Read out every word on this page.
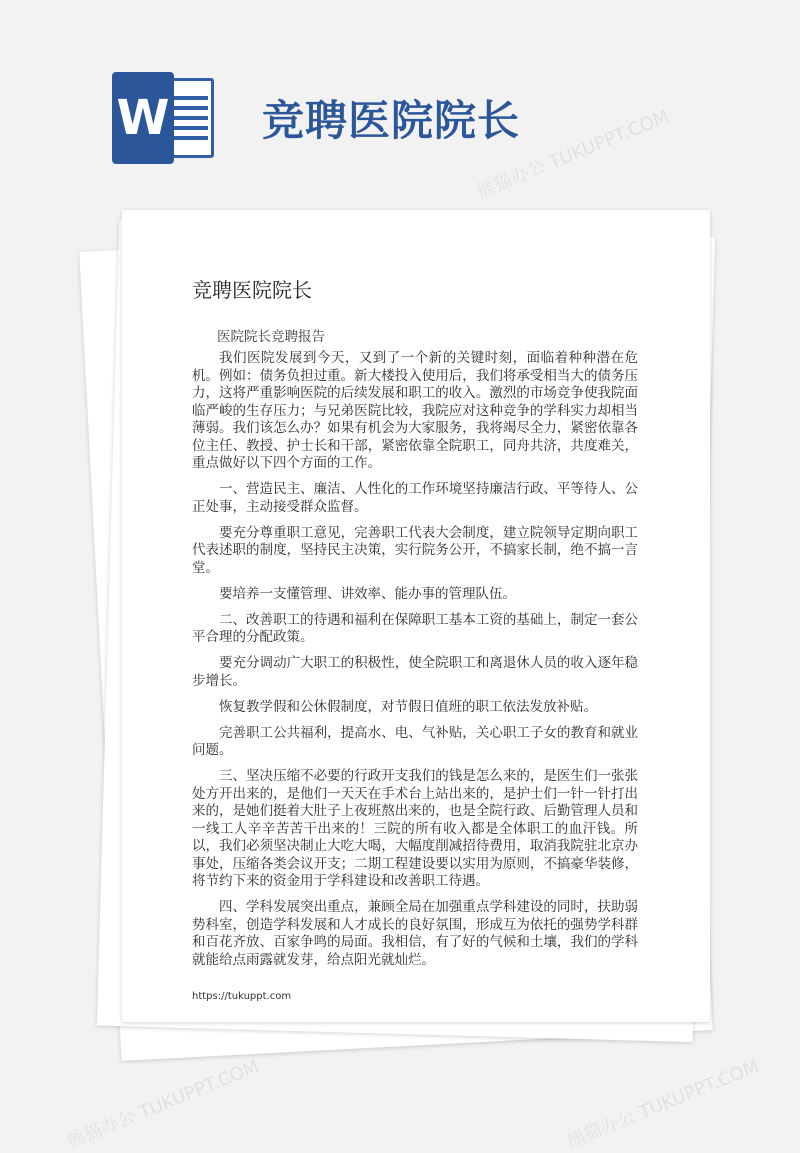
W 竞聘医院院长
竞聘医院院长

医院院长竞聘报告

我们医院发展到今天，又到了一个新的关键时刻，面临着种种潜在危机。例如：债务负担过重。新大楼投入使用后，我们将承受相当大的债务压力，这将严重影响医院的后续发展和职工的收入。激烈的市场竞争使我院面临严峻的生存压力；与兄弟医院比较，我院应对这种竞争的学科实力却相当薄弱。我们该怎么办？如果有机会为大家服务，我将竭尽全力，紧密依靠各位主任、教授、护士长和干部，紧密依靠全院职工，同舟共济，共度难关，重点做好以下四个方面的工作。

一、营造民主、廉洁、人性化的工作环境坚持廉洁行政、平等待人、公正处事，主动接受群众监督。

要充分尊重职工意见，完善职工代表大会制度，建立院领导定期向职工代表述职的制度，坚持民主决策，实行院务公开，不搞家长制，绝不搞一言堂。

要培养一支懂管理、讲效率、能办事的管理队伍。

二、改善职工的待遇和福利在保障职工基本工资的基础上，制定一套公平合理的分配政策。

要充分调动广大职工的积极性，使全院职工和离退休人员的收入逐年稳步增长。

恢复教学假和公休假制度，对节假日值班的职工依法发放补贴。

完善职工公共福利，提高水、电、气补贴，关心职工子女的教育和就业问题。

三、坚决压缩不必要的行政开支我们的钱是怎么来的，是医生们一张张处方开出来的，是他们一天天在手术台上站出来的，是护士们一针一针打出来的，是她们挺着大肚子上夜班熬出来的，也是全院行政、后勤管理人员和一线工人辛辛苦苦干出来的！三院的所有收入都是全体职工的血汗钱。所以，我们必须坚决制止大吃大喝，大幅度削减招待费用，取消我院驻北京办事处，压缩各类会议开支；二期工程建设要以实用为原则，不搞豪华装修，将节约下来的资金用于学科建设和改善职工待遇。

四、学科发展突出重点，兼顾全局在加强重点学科建设的同时，扶助弱势科室，创造学科发展和人才成长的良好氛围，形成互为依托的强势学科群和百花齐放、百家争鸣的局面。我相信，有了好的气候和土壤，我们的学科就能给点雨露就发芽，给点阳光就灿烂。

https://tukuppt.com

熊猫办公 TUKUPPT.COM
熊猫办公 TUKUPPT.COM	熊猫办公 TUKUPPT.COM
